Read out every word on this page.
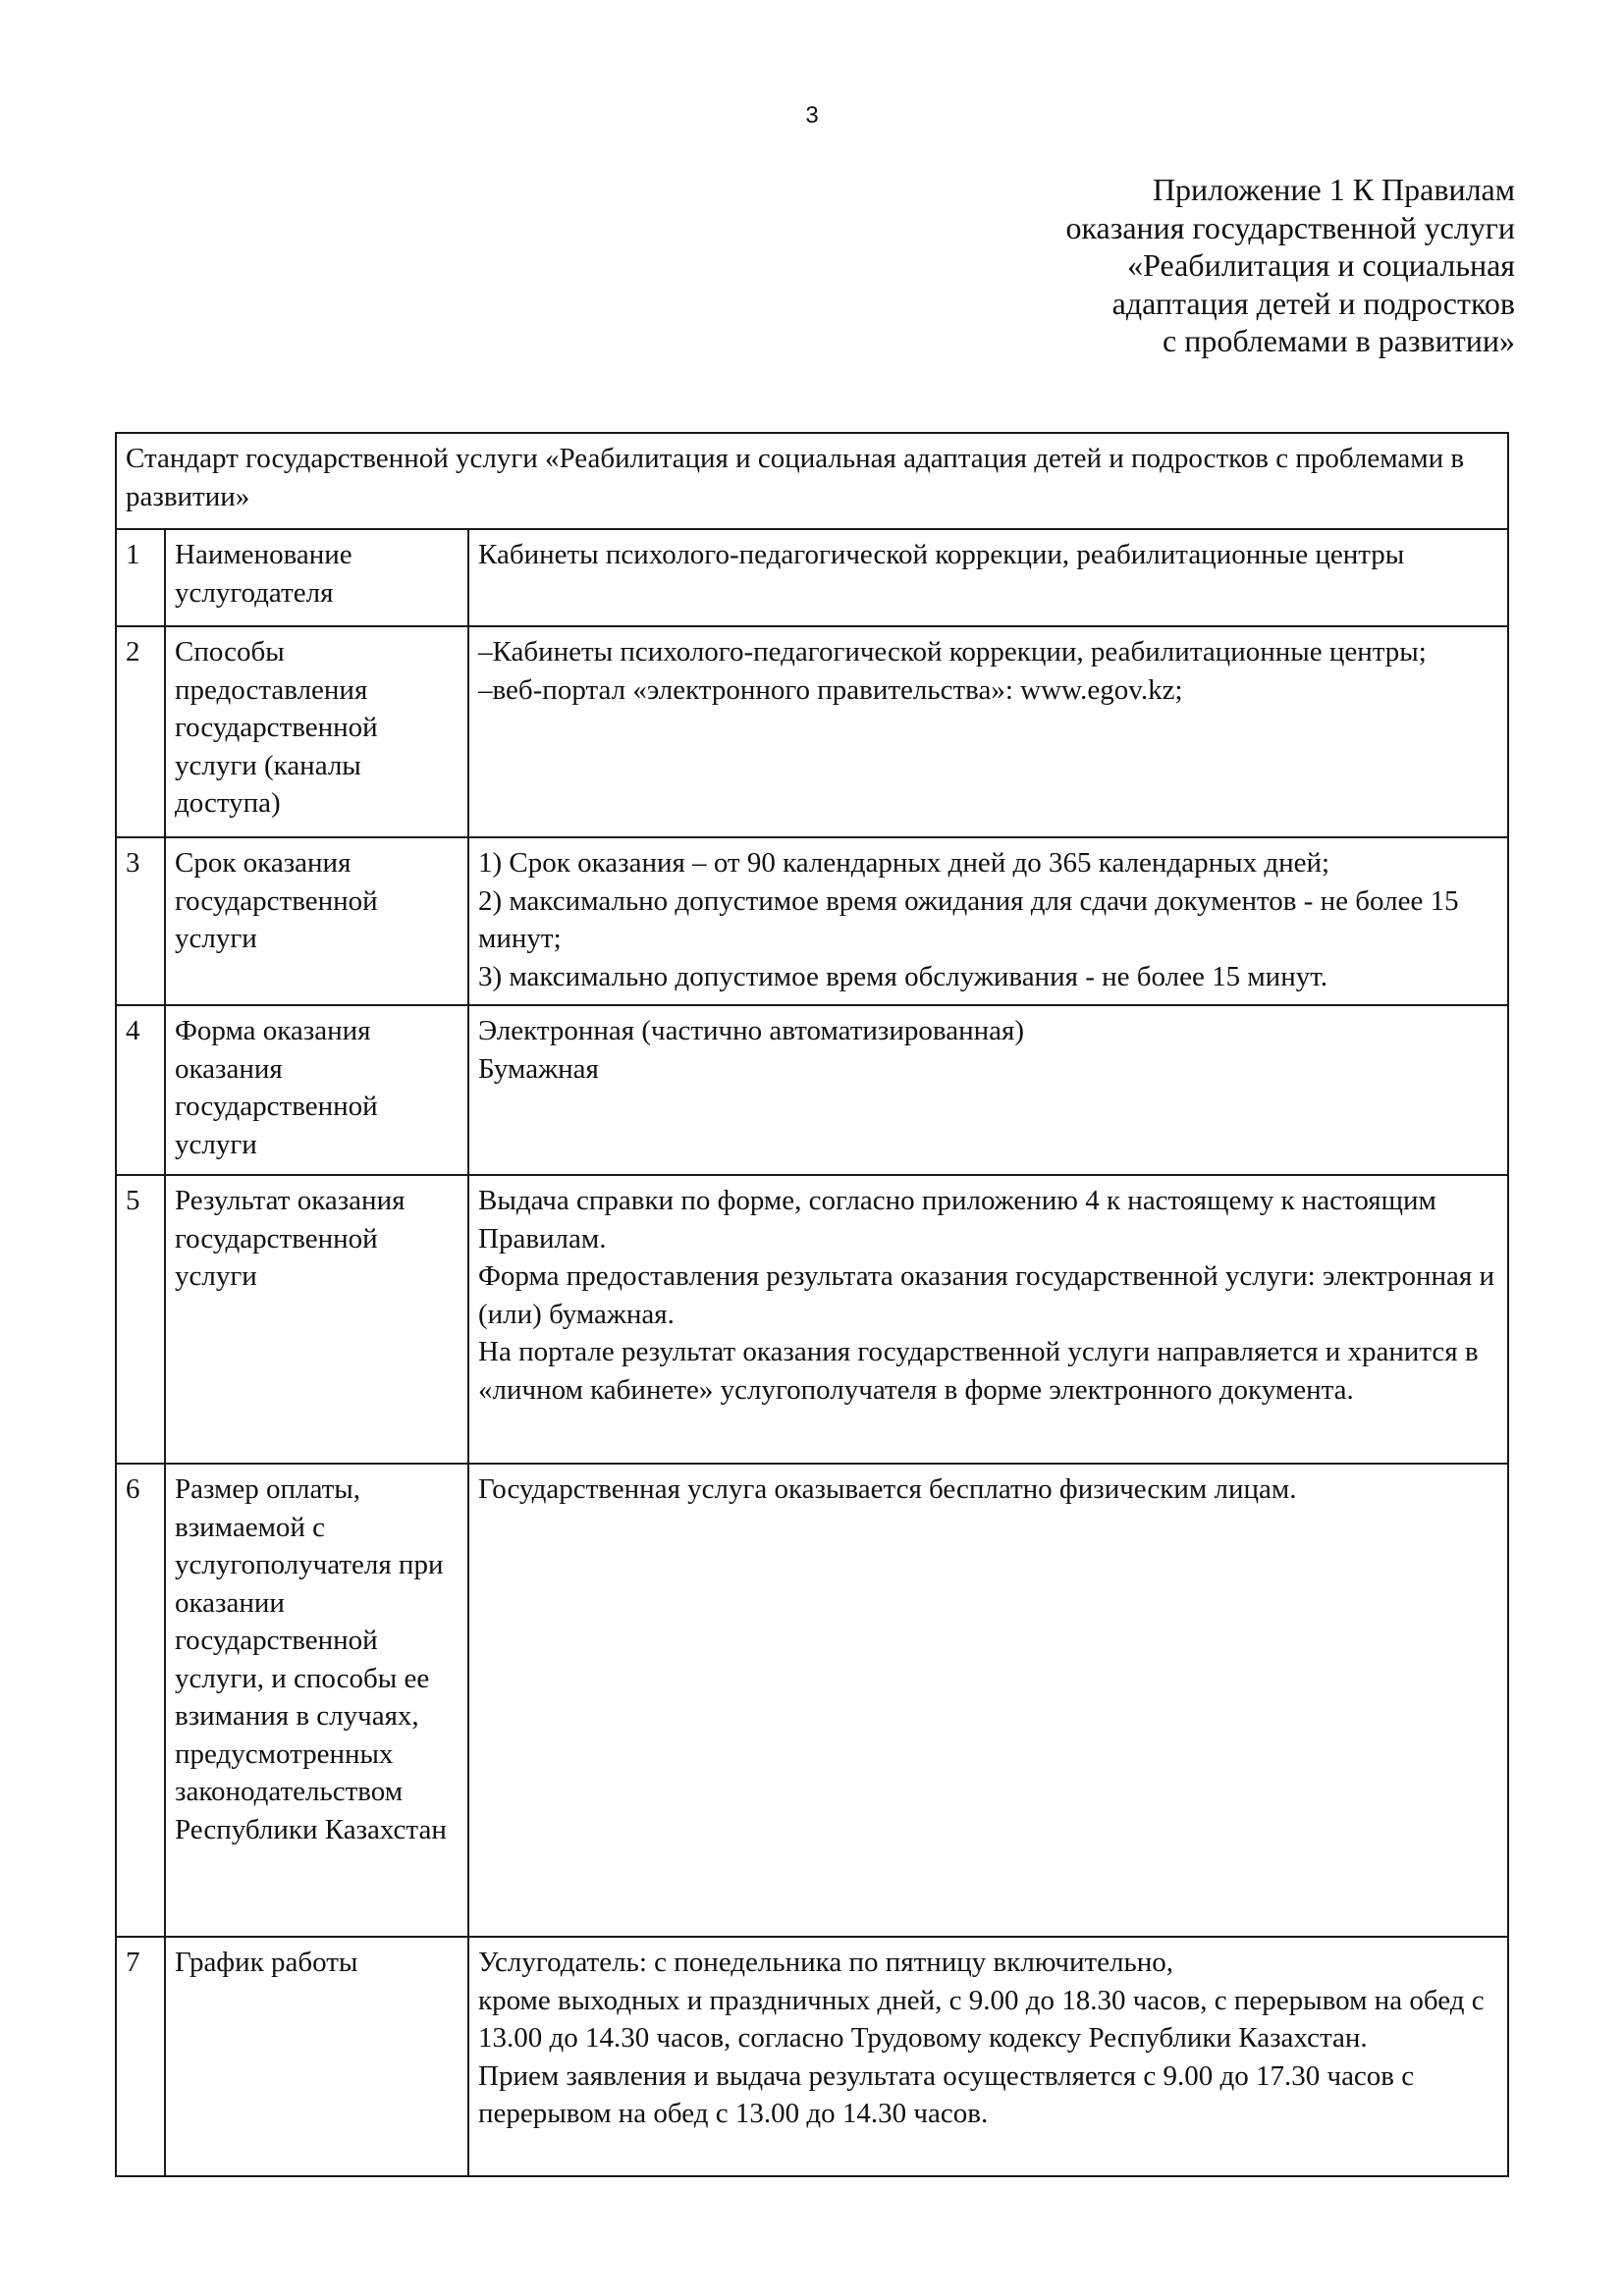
3
Приложение 1 К Правилам
оказания государственной услуги
«Реабилитация и социальная
адаптация детей и подростков
с проблемами в развитии»
Стандарт государственной услуги «Реабилитация и социальная адаптация детей и подростков с проблемами в развитии»		
1	Наименование услугодателя	Кабинеты психолого-педагогической коррекции, реабилитационные центры

2	Способы предоставления государственной услуги (каналы доступа)	–Кабинеты психолого-педагогической коррекции, реабилитационные центры;
–веб-портал «электронного правительства»: www.egov.kz;

3	Срок оказания государственной услуги	1) Срок оказания – от 90 календарных дней до 365 календарных дней;
2) максимально допустимое время ожидания для сдачи документов - не более 15 минут;
3) максимально допустимое время обслуживания - не более 15 минут.

4	Форма оказания оказания государственной услуги	Электронная (частично автоматизированная)
Бумажная

5	Результат оказания государственной услуги	Выдача справки по форме, согласно приложению 4 к настоящему к настоящим Правилам.
Форма предоставления результата оказания государственной услуги: электронная и (или) бумажная.
На портале результат оказания государственной услуги направляется и хранится в «личном кабинете» услугополучателя в форме электронного документа.

6	Размер оплаты, взимаемой с услугополучателя при оказании государственной услуги, и способы ее взимания в случаях, предусмотренных законодательством Республики Казахстан	Государственная услуга оказывается бесплатно физическим лицам.

7	График работы	Услугодатель: с понедельника по пятницу включительно,
кроме выходных и праздничных дней, с 9.00 до 18.30 часов, с перерывом на обед с 13.00 до 14.30 часов, согласно Трудовому кодексу Республики Казахстан.
Прием заявления и выдача результата осуществляется с 9.00 до 17.30 часов с перерывом на обед с 13.00 до 14.30 часов.
